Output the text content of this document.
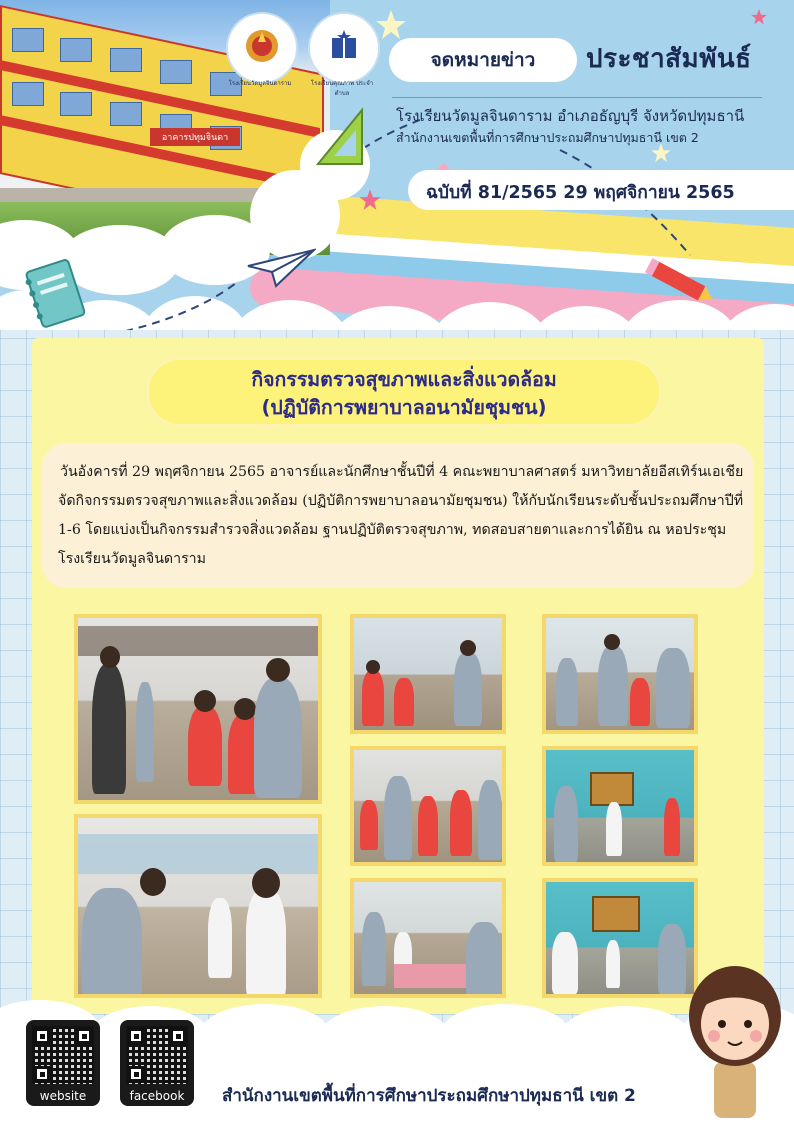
อาคารปทุมจินดา
โรงเรียนวัดมูลจินดาราม	โรงเรียนคุณภาพ ประจำตำบล
จดหมายข่าว	ประชาสัมพันธ์
โรงเรียนวัดมูลจินดาราม อำเภอธัญบุรี จังหวัดปทุมธานี
สำนักงานเขตพื้นที่การศึกษาประถมศึกษาปทุมธานี เขต 2
ฉบับที่ 81/2565 29 พฤศจิกายน 2565
กิจกรรมตรวจสุขภาพและสิ่งแวดล้อม
(ปฏิบัติการพยาบาลอนามัยชุมชน)
วันอังคารที่ 29 พฤศจิกายน 2565 อาจารย์และนักศึกษาชั้นปีที่ 4 คณะพยาบาลศาสตร์ มหาวิทยาลัยอีสเทิร์นเอเชีย จัดกิจกรรมตรวจสุขภาพและสิ่งแวดล้อม (ปฏิบัติการพยาบาลอนามัยชุมชน) ให้กับนักเรียนระดับชั้นประถมศึกษาปีที่ 1-6 โดยแบ่งเป็นกิจกรรมสำรวจสิ่งแวดล้อม ฐานปฏิบัติตรวจสุขภาพ, ทดสอบสายตาและการได้ยิน ณ หอประชุมโรงเรียนวัดมูลจินดาราม
website	facebook	สำนักงานเขตพื้นที่การศึกษาประถมศึกษาปทุมธานี เขต 2
